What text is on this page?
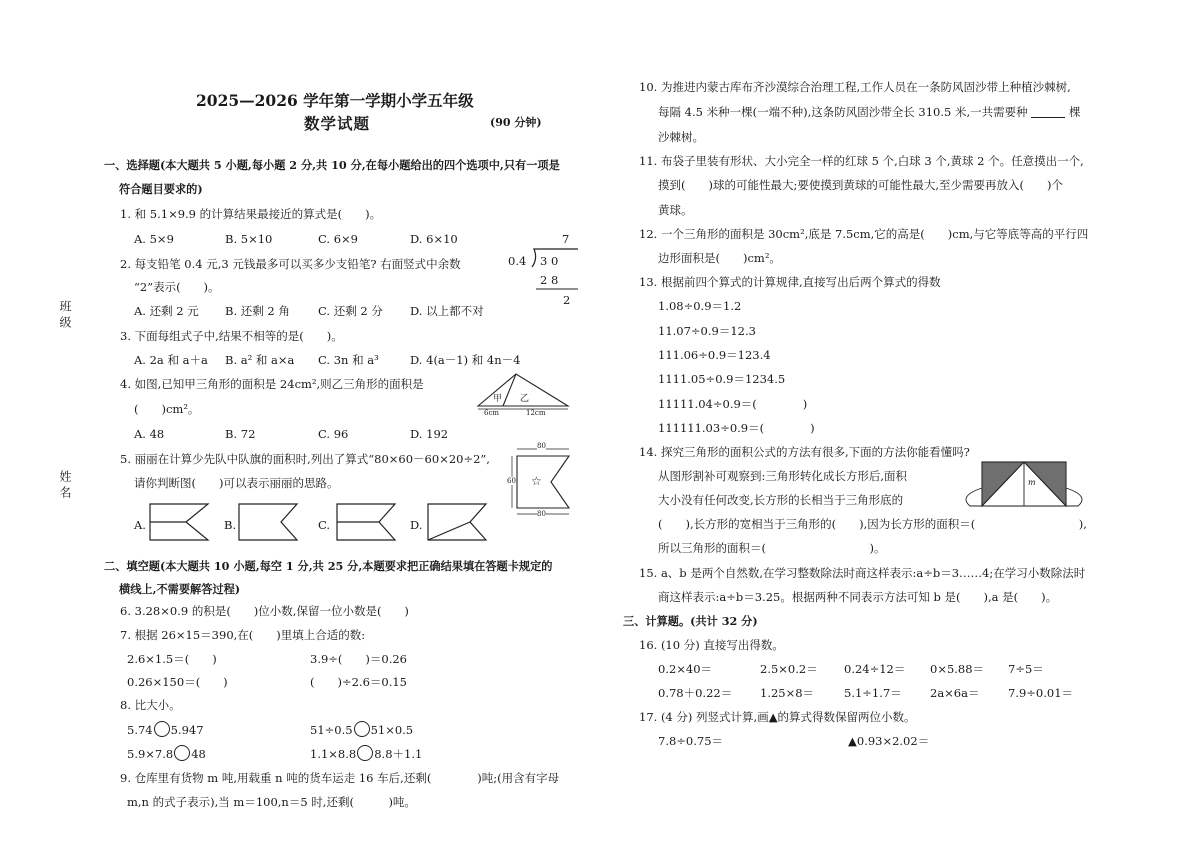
班级
姓名
2025—2026 学年第一学期小学五年级
数学试题	(90 分钟)
一、选择题(本大题共 5 小题,每小题 2 分,共 10 分,在每小题给出的四个选项中,只有一项是
符合题目要求的)
1. 和 5.1×9.9 的计算结果最接近的算式是(　　)。
A. 5×9	B. 5×10	C. 6×9	D. 6×10
2. 每支铅笔 0.4 元,3 元钱最多可以买多少支铅笔? 右面竖式中余数
“2”表示(　　)。
A. 还剩 2 元 B. 还剩 2 角 C. 还剩 2 分 D. 以上都不对
7
0.4 3 0
2 8
2
3. 下面每组式子中,结果不相等的是(　　)。
A. 2a 和 a＋a B. a² 和 a×a C. 3n 和 a³	D. 4(a－1) 和 4n－4
4. 如图,已知甲三角形的面积是 24cm²,则乙三角形的面积是
(　　)cm²。
A. 48	B. 72	C. 96	D. 192
甲 乙
6cm	12cm
5. 丽丽在计算少先队中队旗的面积时,列出了算式“80×60－60×20÷2”,
请你判断图(　　)可以表示丽丽的思路。
80
60
80
☆
A.	B.	C.	D.
二、填空题(本大题共 10 小题,每空 1 分,共 25 分,本题要求把正确结果填在答题卡规定的
横线上,不需要解答过程)
6. 3.28×0.9 的积是(　　)位小数,保留一位小数是(　　)
7. 根据 26×15＝390,在(　　)里填上合适的数:
2.6×1.5＝(　　)	3.9÷(　　)＝0.26
0.26×150＝(　　)	(　　)÷2.6＝0.15
8. 比大小。
5.74 5.947	51÷0.5 51×0.5
5.9×7.8 48	1.1×8.8 8.8＋1.1
9. 仓库里有货物 m 吨,用载重 n 吨的货车运走 16 车后,还剩(　　　　)吨;(用含有字母
m,n 的式子表示),当 m＝100,n＝5 时,还剩(　　　)吨。
10. 为推进内蒙古库布齐沙漠综合治理工程,工作人员在一条防风固沙带上种植沙棘树,
每隔 4.5 米种一棵(一端不种),这条防风固沙带全长 310.5 米,一共需要种	棵
沙棘树。
11. 布袋子里装有形状、大小完全一样的红球 5 个,白球 3 个,黄球 2 个。任意摸出一个,
摸到(　　)球的可能性最大;要使摸到黄球的可能性最大,至少需要再放入(　　)个
黄球。
12. 一个三角形的面积是 30cm²,底是 7.5cm,它的高是(　　)cm,与它等底等高的平行四
边形面积是(　　)cm²。
13. 根据前四个算式的计算规律,直接写出后两个算式的得数
1.08÷0.9＝1.2
11.07÷0.9＝12.3
111.06÷0.9＝123.4
1111.05÷0.9＝1234.5
11111.04÷0.9＝(　　　　)
111111.03÷0.9＝(　　　　)
14. 探究三角形的面积公式的方法有很多,下面的方法你能看懂吗?
从图形割补可观察到:三角形转化成长方形后,面积
大小没有任何改变,长方形的长相当于三角形底的
(　　),长方形的宽相当于三角形的(　　),因为长方形的面积＝(　　　　　　　　　),
所以三角形的面积＝(　　　　　　　　　)。
m
15. a、b 是两个自然数,在学习整数除法时商这样表示:a÷b＝3……4;在学习小数除法时
商这样表示:a÷b＝3.25。根据两种不同表示方法可知 b 是(　　),a 是(　　)。
三、计算题。(共计 32 分)
16. (10 分) 直接写出得数。
0.2×40＝	2.5×0.2＝ 0.24÷12＝ 0×5.88＝ 7÷5＝
0.78＋0.22＝ 1.25×8＝	5.1÷1.7＝ 2a×6a＝ 7.9÷0.01＝
17. (4 分) 列竖式计算,画▲的算式得数保留两位小数。
7.8÷0.75＝	▲0.93×2.02＝
